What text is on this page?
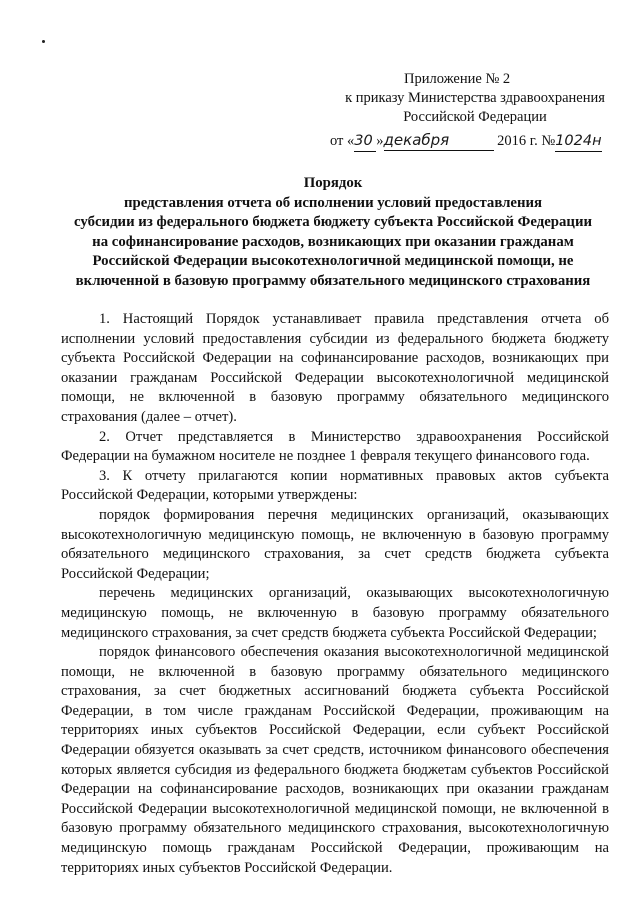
Приложение № 2
к приказу Министерства здравоохранения
Российской Федерации
от «30 »декабря	2016 г. №1024н
Порядок
представления отчета об исполнении условий предоставления
субсидии из федерального бюджета бюджету субъекта Российской Федерации
на софинансирование расходов, возникающих при оказании гражданам
Российской Федерации высокотехнологичной медицинской помощи, не
включенной в базовую программу обязательного медицинского страхования

1. Настоящий Порядок устанавливает правила представления отчета об исполнении условий предоставления субсидии из федерального бюджета бюджету субъекта Российской Федерации на софинансирование расходов, возникающих при оказании гражданам Российской Федерации высокотехнологичной медицинской помощи, не включенной в базовую программу обязательного медицинского страхования (далее – отчет).

2. Отчет представляется в Министерство здравоохранения Российской Федерации на бумажном носителе не позднее 1 февраля текущего финансового года.

3. К отчету прилагаются копии нормативных правовых актов субъекта Российской Федерации, которыми утверждены:

порядок формирования перечня медицинских организаций, оказывающих высокотехнологичную медицинскую помощь, не включенную в базовую программу обязательного медицинского страхования, за счет средств бюджета субъекта Российской Федерации;

перечень медицинских организаций, оказывающих высокотехнологичную медицинскую помощь, не включенную в базовую программу обязательного медицинского страхования, за счет средств бюджета субъекта Российской Федерации;

порядок финансового обеспечения оказания высокотехнологичной медицинской помощи, не включенной в базовую программу обязательного медицинского страхования, за счет бюджетных ассигнований бюджета субъекта Российской Федерации, в том числе гражданам Российской Федерации, проживающим на территориях иных субъектов Российской Федерации, если субъект Российской Федерации обязуется оказывать за счет средств, источником финансового обеспечения которых является субсидия из федерального бюджета бюджетам субъектов Российской Федерации на софинансирование расходов, возникающих при оказании гражданам Российской Федерации высокотехнологичной медицинской помощи, не включенной в базовую программу обязательного медицинского страхования, высокотехнологичную медицинскую помощь гражданам Российской Федерации, проживающим на территориях иных субъектов Российской Федерации.
